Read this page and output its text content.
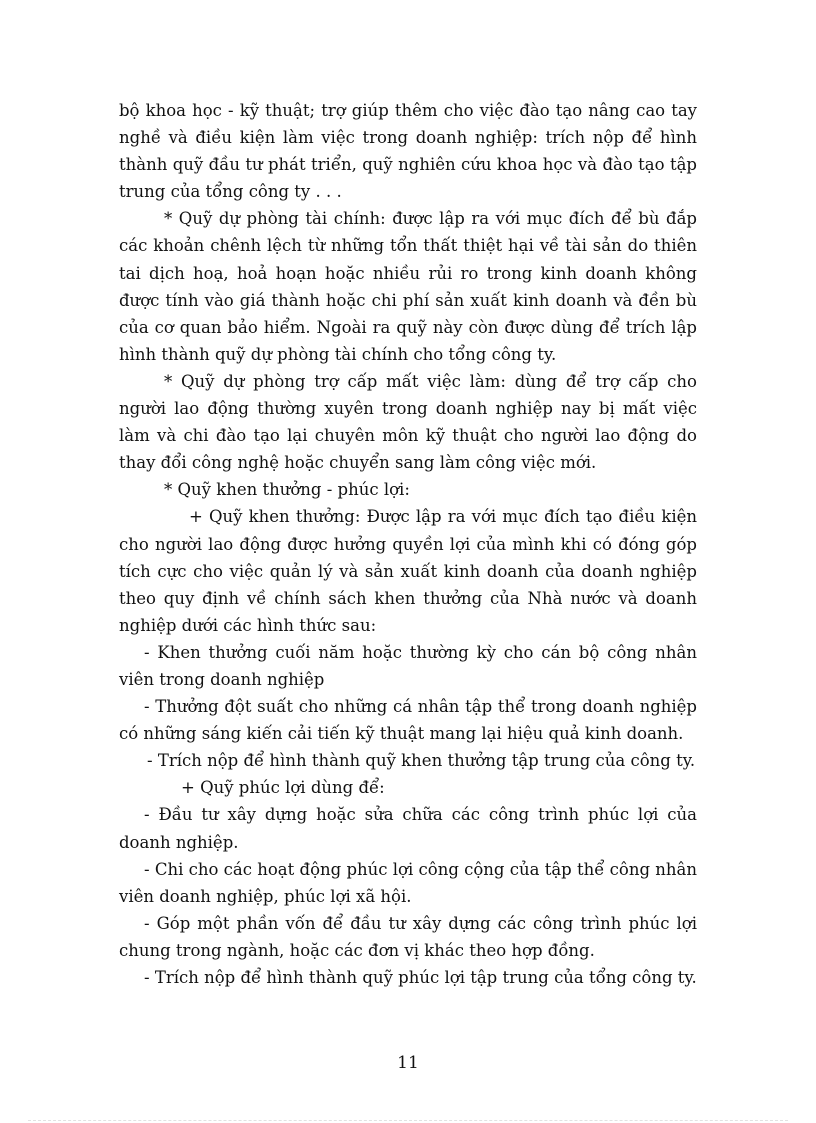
bộ khoa học - kỹ thuật; trợ giúp thêm cho việc đào tạo nâng cao tay nghề và điều kiện làm việc trong doanh nghiệp: trích nộp để hình thành quỹ đầu tư phát triển, quỹ nghiên cứu khoa học và đào tạo tập trung của tổng công ty . . .

* Quỹ dự phòng tài chính: được lập ra với mục đích để bù đắp các khoản chênh lệch từ những tổn thất thiệt hại về tài sản do thiên tai dịch hoạ, hoả hoạn hoặc nhiều rủi ro trong kinh doanh không được tính vào giá thành hoặc chi phí sản xuất kinh doanh và đền bù của cơ quan bảo hiểm. Ngoài ra quỹ này còn được dùng để trích lập hình thành quỹ dự phòng tài chính cho tổng công ty.

* Quỹ dự phòng trợ cấp mất việc làm: dùng để trợ cấp cho người lao động thường xuyên trong doanh nghiệp nay bị mất việc làm và chi đào tạo lại chuyên môn kỹ thuật cho người lao động do thay đổi công nghệ hoặc chuyển sang làm công việc mới.

* Quỹ khen thưởng - phúc lợi:

+ Quỹ khen thưởng: Được lập ra với mục đích tạo điều kiện cho người lao động được hưởng quyền lợi của mình khi có đóng góp tích cực cho việc quản lý và sản xuất kinh doanh của doanh nghiệp theo quy định về chính sách khen thưởng của Nhà nước và doanh nghiệp dưới các hình thức sau:

- Khen thưởng cuối năm hoặc thường kỳ cho cán bộ công nhân viên trong doanh nghiệp

- Thưởng đột suất cho những cá nhân tập thể trong doanh nghiệp có những sáng kiến cải tiến kỹ thuật mang lại hiệu quả kinh doanh.

- Trích nộp để hình thành quỹ khen thưởng tập trung của công ty.

+ Quỹ phúc lợi dùng để:

- Đầu tư xây dựng hoặc sửa chữa các công trình phúc lợi của doanh nghiệp.

- Chi cho các hoạt động phúc lợi công cộng của tập thể công nhân viên doanh nghiệp, phúc lợi xã hội.

- Góp một phần vốn để đầu tư xây dựng các công trình phúc lợi chung trong ngành, hoặc các đơn vị khác theo hợp đồng.

- Trích nộp để hình thành quỹ phúc lợi tập trung của tổng công ty.

11
